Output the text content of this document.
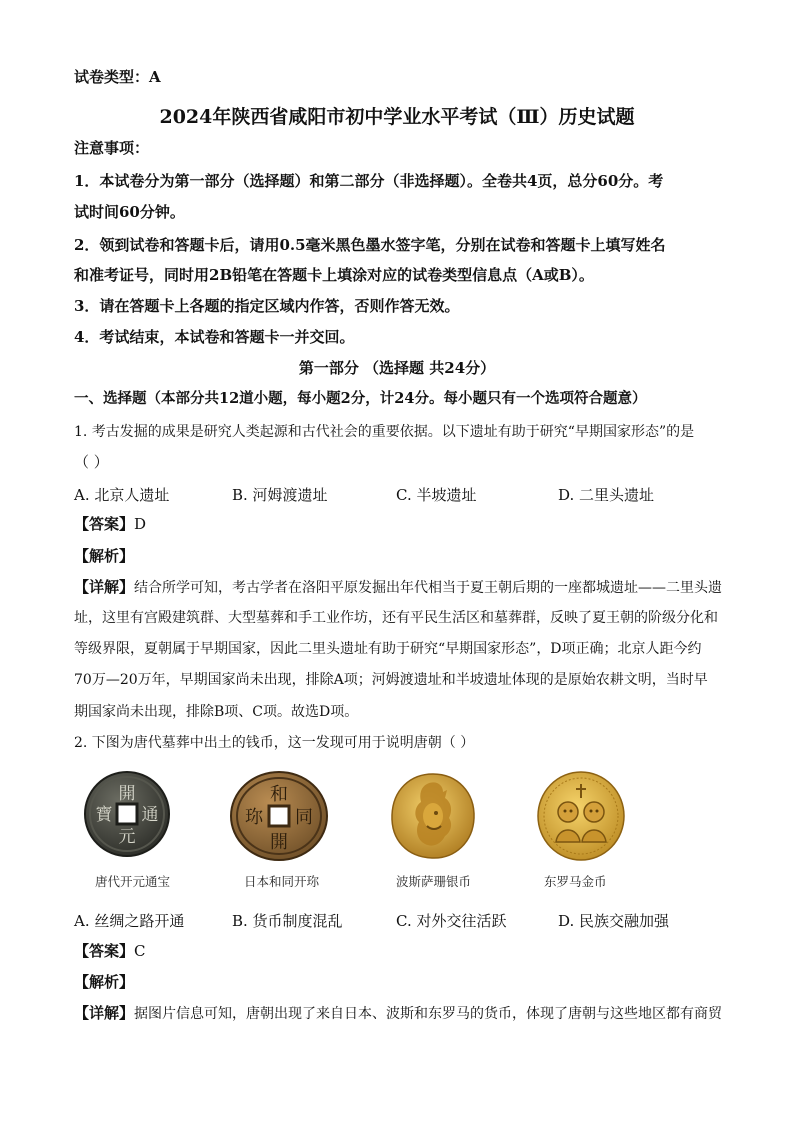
试卷类型：A
2024年陕西省咸阳市初中学业水平考试（Ⅲ）历史试题
注意事项：
1．本试卷分为第一部分（选择题）和第二部分（非选择题）。全卷共4页，总分60分。考
试时间60分钟。
2．领到试卷和答题卡后，请用0.5毫米黑色墨水签字笔，分别在试卷和答题卡上填写姓名
和准考证号，同时用2B铅笔在答题卡上填涂对应的试卷类型信息点（A或B）。
3．请在答题卡上各题的指定区域内作答，否则作答无效。
4．考试结束，本试卷和答题卡一并交回。
第一部分 （选择题 共24分）
一、选择题（本部分共12道小题，每小题2分，计24分。每小题只有一个选项符合题意）
1. 考古发掘的成果是研究人类起源和古代社会的重要依据。以下遗址有助于研究“早期国家形态”的是
（ ）
A. 北京人遗址	B. 河姆渡遗址	C. 半坡遗址	D. 二里头遗址
【答案】D
【解析】
【详解】结合所学可知，考古学者在洛阳平原发掘出年代相当于夏王朝后期的一座都城遗址——二里头遗
址，这里有宫殿建筑群、大型墓葬和手工业作坊，还有平民生活区和墓葬群，反映了夏王朝的阶级分化和
等级界限，夏朝属于早期国家，因此二里头遗址有助于研究“早期国家形态”，D项正确；北京人距今约
70万—20万年，早期国家尚未出现，排除A项；河姆渡遗址和半坡遗址体现的是原始农耕文明，当时早
期国家尚未出现，排除B项、C项。故选D项。
2. 下图为唐代墓葬中出土的钱币，这一发现可用于说明唐朝（ ）
開
通
元
寶
和
同
開
珎
唐代开元通宝	日本和同开珎	波斯萨珊银币	东罗马金币
A. 丝绸之路开通	B. 货币制度混乱	C. 对外交往活跃	D. 民族交融加强
【答案】C
【解析】
【详解】据图片信息可知，唐朝出现了来自日本、波斯和东罗马的货币，体现了唐朝与这些地区都有商贸
